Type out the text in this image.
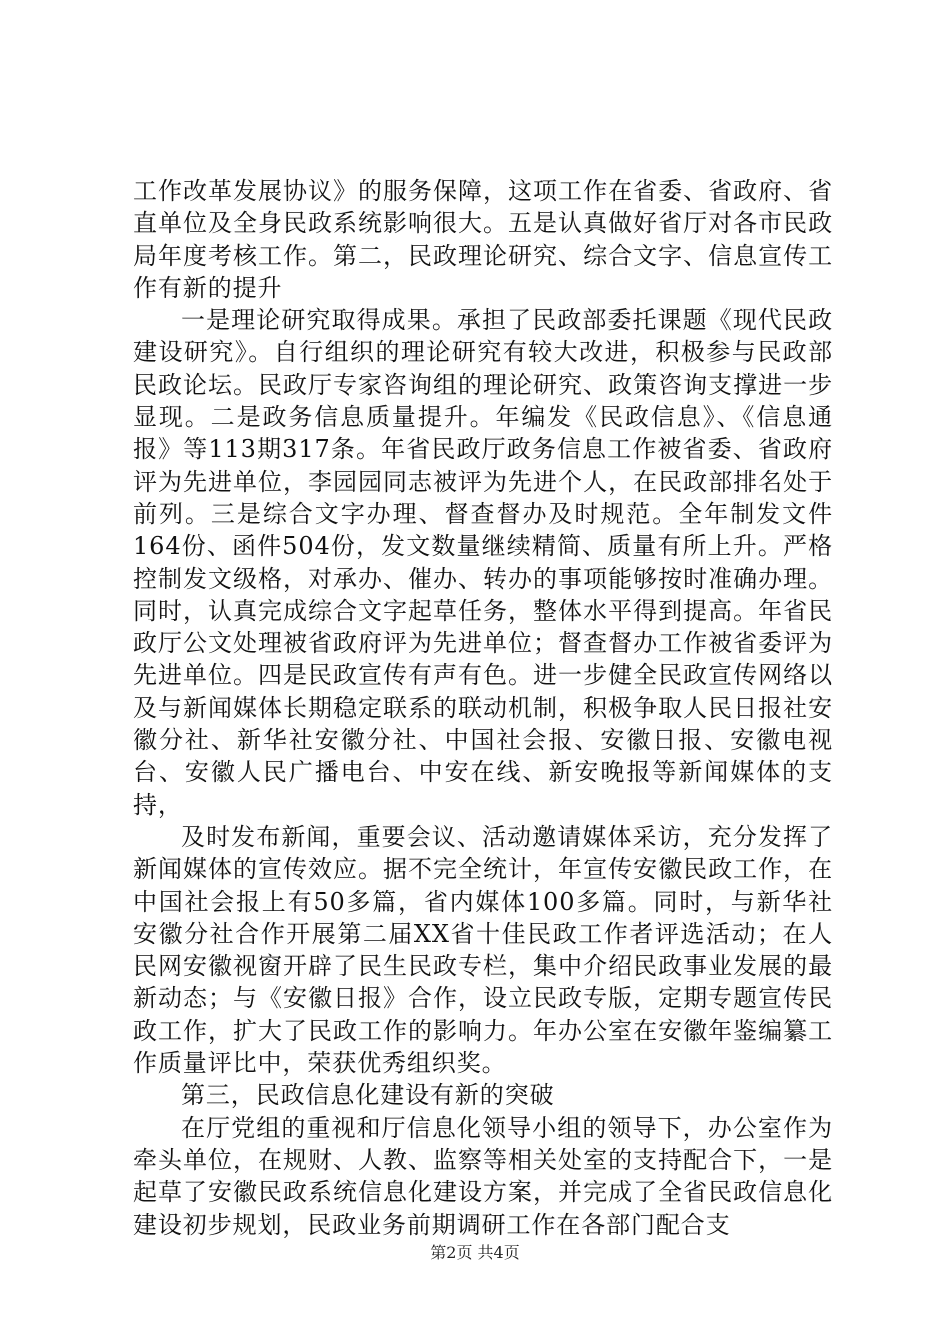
工作改革发展协议》的服务保障，这项工作在省委、省政府、省直单位及全身民政系统影响很大。五是认真做好省厅对各市民政局年度考核工作。第二，民政理论研究、综合文字、信息宣传工作有新的提升

一是理论研究取得成果。承担了民政部委托课题《现代民政建设研究》。自行组织的理论研究有较大改进，积极参与民政部民政论坛。民政厅专家咨询组的理论研究、政策咨询支撑进一步显现。二是政务信息质量提升。年编发《民政信息》、《信息通报》等113期317条。年省民政厅政务信息工作被省委、省政府评为先进单位，李园园同志被评为先进个人，在民政部排名处于前列。三是综合文字办理、督查督办及时规范。全年制发文件164份、函件504份，发文数量继续精简、质量有所上升。严格控制发文级格，对承办、催办、转办的事项能够按时准确办理。同时，认真完成综合文字起草任务，整体水平得到提高。年省民政厅公文处理被省政府评为先进单位；督查督办工作被省委评为先进单位。四是民政宣传有声有色。进一步健全民政宣传网络以及与新闻媒体长期稳定联系的联动机制，积极争取人民日报社安徽分社、新华社安徽分社、中国社会报、安徽日报、安徽电视台、安徽人民广播电台、中安在线、新安晚报等新闻媒体的支持，

及时发布新闻，重要会议、活动邀请媒体采访，充分发挥了新闻媒体的宣传效应。据不完全统计，年宣传安徽民政工作，在中国社会报上有50多篇，省内媒体100多篇。同时，与新华社安徽分社合作开展第二届XX省十佳民政工作者评选活动；在人民网安徽视窗开辟了民生民政专栏，集中介绍民政事业发展的最新动态；与《安徽日报》合作，设立民政专版，定期专题宣传民政工作，扩大了民政工作的影响力。年办公室在安徽年鉴编纂工作质量评比中，荣获优秀组织奖。

第三，民政信息化建设有新的突破

在厅党组的重视和厅信息化领导小组的领导下，办公室作为牵头单位，在规财、人教、监察等相关处室的支持配合下，一是起草了安徽民政系统信息化建设方案，并完成了全省民政信息化建设初步规划，民政业务前期调研工作在各部门配合支

第2页 共4页
